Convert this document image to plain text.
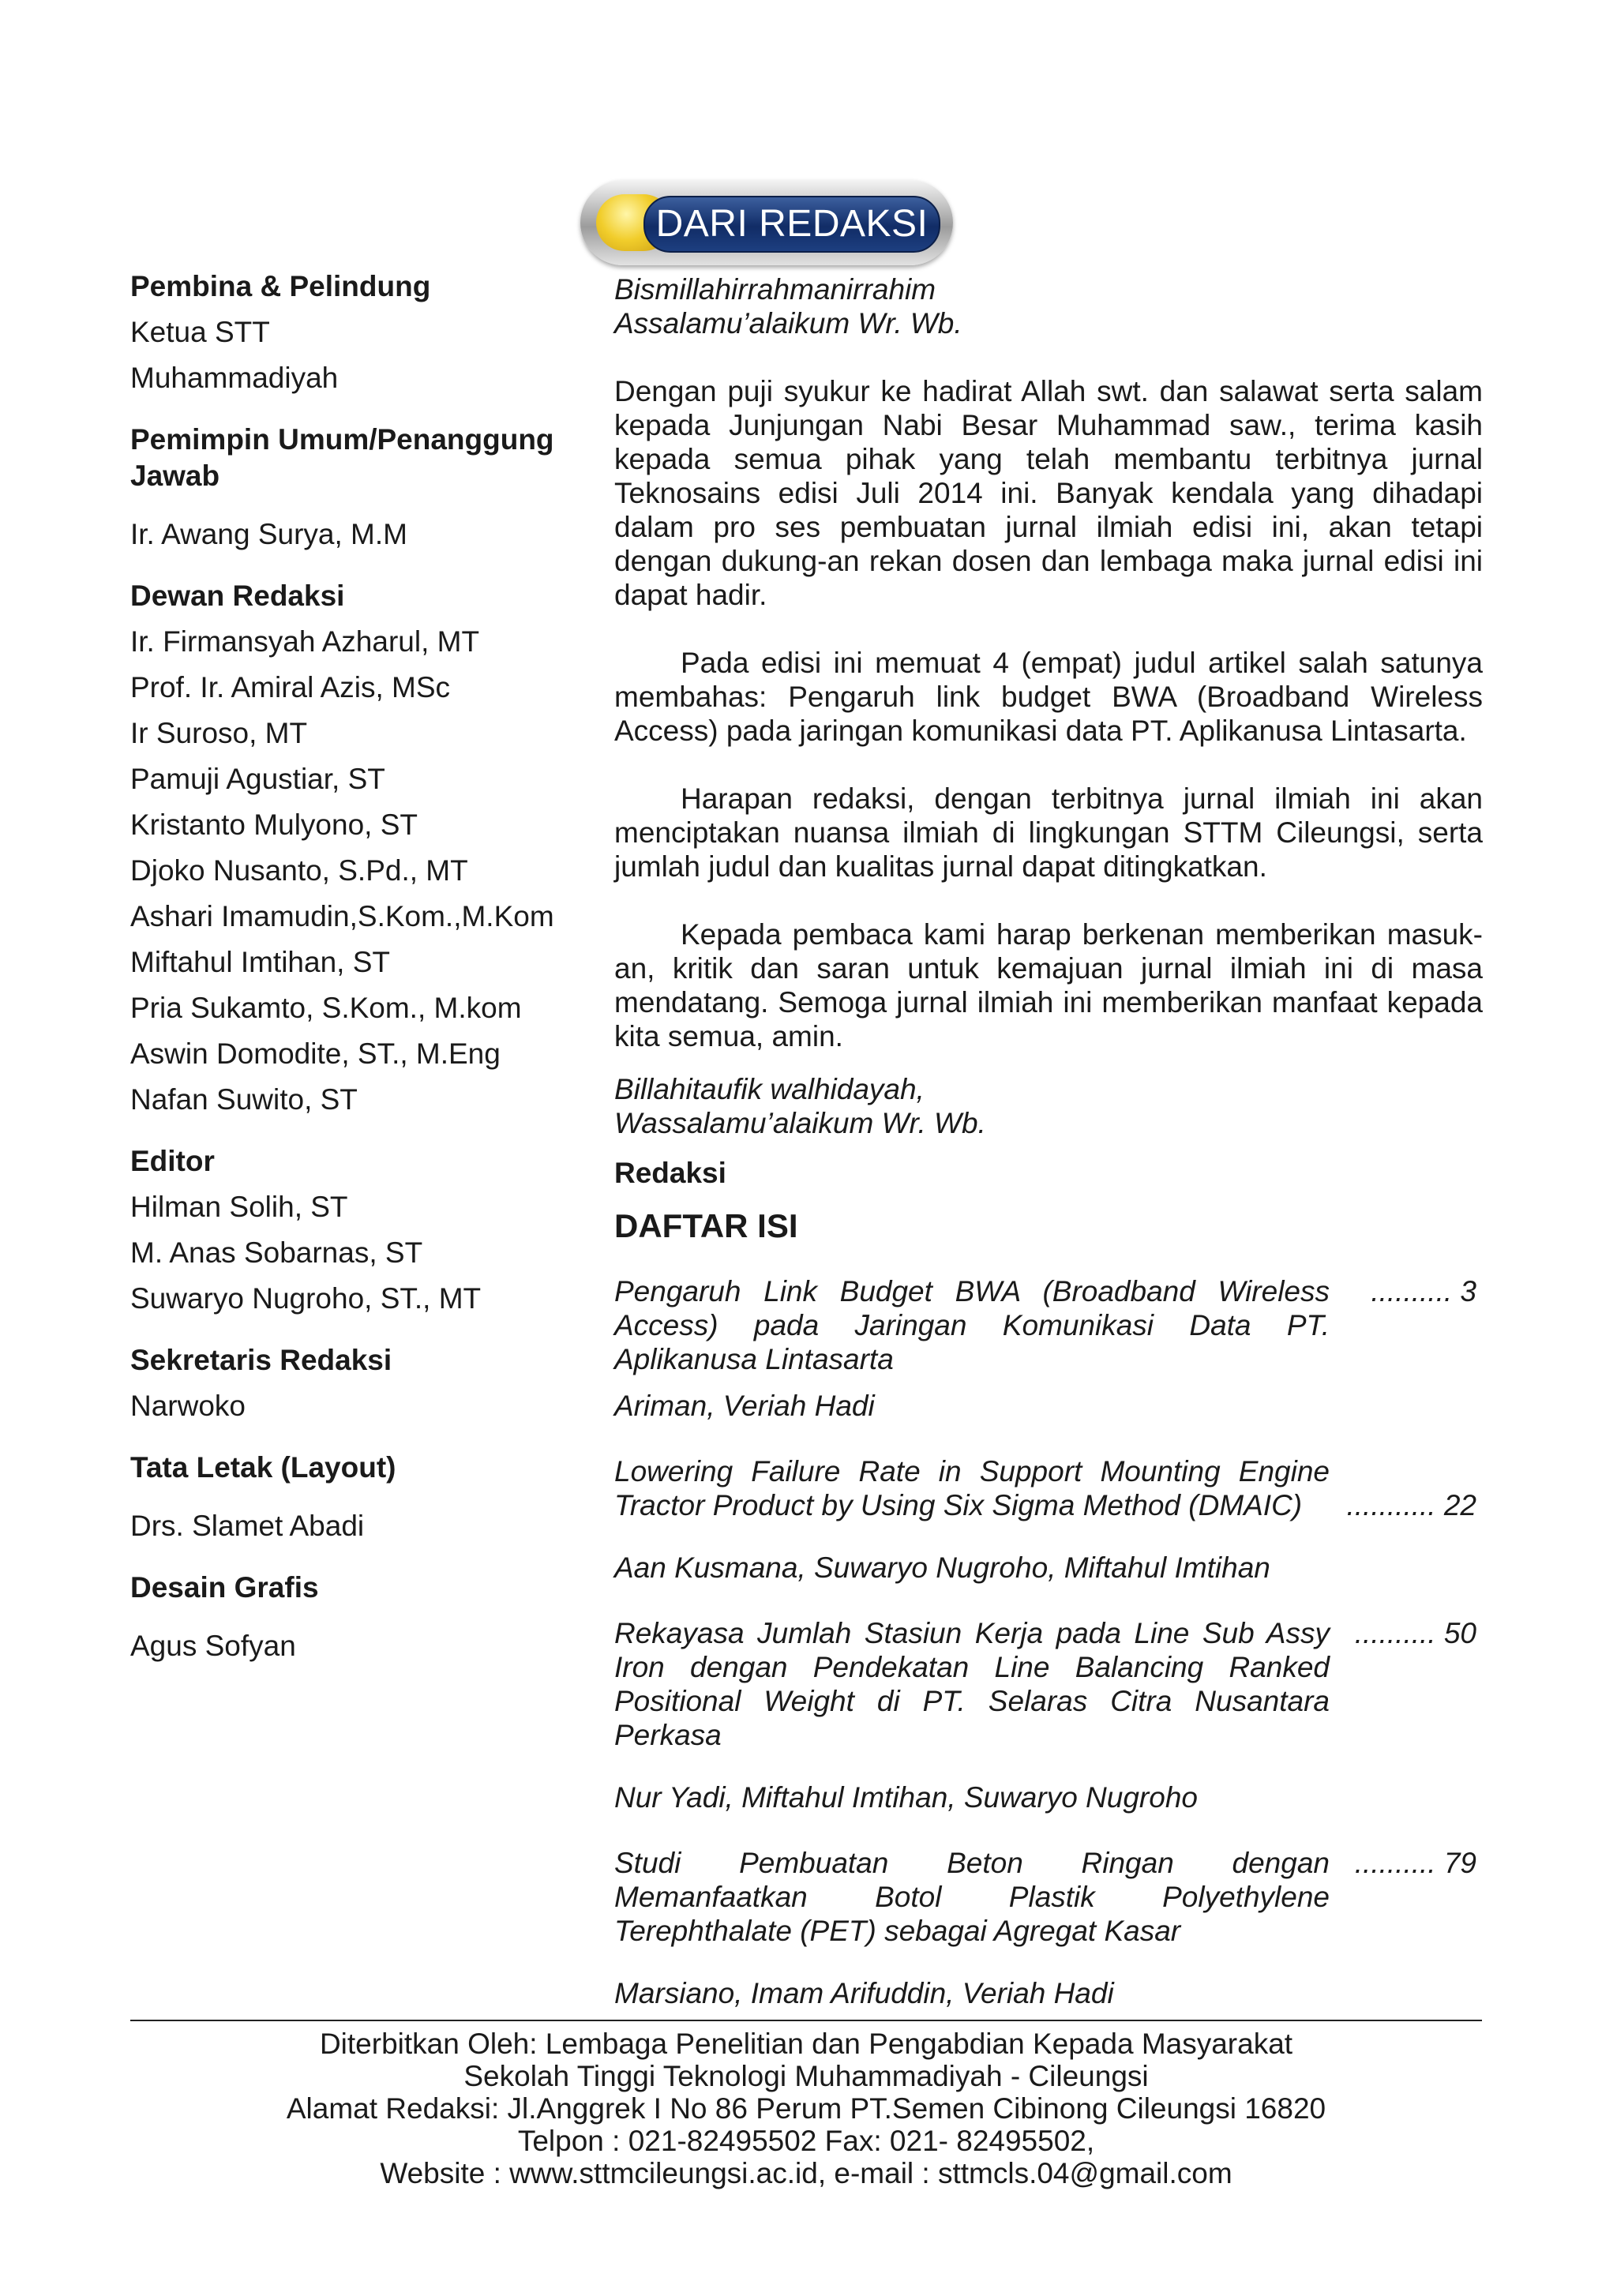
DARI REDAKSI
Pembina & Pelindung
Ketua STT
Muhammadiyah
Pemimpin Umum/Penanggung Jawab
Ir. Awang Surya, M.M
Dewan Redaksi
Ir. Firmansyah Azharul, MT
Prof. Ir. Amiral Azis, MSc
Ir Suroso, MT
Pamuji Agustiar, ST
Kristanto Mulyono, ST
Djoko Nusanto, S.Pd., MT
Ashari Imamudin,S.Kom.,M.Kom
Miftahul Imtihan, ST
Pria Sukamto, S.Kom., M.kom
Aswin Domodite, ST., M.Eng
Nafan Suwito, ST
Editor
Hilman Solih, ST
M. Anas Sobarnas, ST
Suwaryo Nugroho, ST., MT
Sekretaris Redaksi
Narwoko
Tata Letak (Layout)
Drs. Slamet Abadi
Desain Grafis
Agus Sofyan
Bismillahirrahmanirrahim
Assalamu’alaikum Wr. Wb.

Dengan puji syukur ke hadirat Allah swt. dan salawat serta salam kepada Junjungan Nabi Besar Muhammad saw., terima kasih kepada semua pihak yang telah membantu terbitnya jurnal Teknosains edisi Juli 2014 ini. Banyak kendala yang dihadapi dalam pro ses pembuatan jurnal ilmiah edisi ini, akan tetapi dengan dukung-an rekan dosen dan lembaga maka jurnal edisi ini dapat hadir.

Pada edisi ini memuat 4 (empat) judul artikel salah satunya membahas: Pengaruh link budget BWA (Broadband Wireless Access) pada jaringan komunikasi data PT. Aplikanusa Lintasarta.

Harapan redaksi, dengan terbitnya jurnal ilmiah ini akan menciptakan nuansa ilmiah di lingkungan STTM Cileungsi, serta jumlah judul dan kualitas jurnal dapat ditingkatkan.

Kepada pembaca kami harap berkenan memberikan masuk-an, kritik dan saran untuk kemajuan jurnal ilmiah ini di masa mendatang. Semoga jurnal ilmiah ini memberikan manfaat kepada kita semua, amin.

Billahitaufik walhidayah,
Wassalamu’alaikum Wr. Wb.
Redaksi
DAFTAR ISI
Pengaruh Link Budget BWA (Broadband Wireless Access) pada Jaringan Komunikasi Data PT. Aplikanusa Lintasarta
.......... 3
Ariman, Veriah Hadi
Lowering Failure Rate in Support Mounting Engine Tractor Product by Using Six Sigma Method (DMAIC)	........... 22
Aan Kusmana, Suwaryo Nugroho, Miftahul Imtihan
Rekayasa Jumlah Stasiun Kerja pada Line Sub Assy Iron dengan Pendekatan Line Balancing Ranked Positional Weight di PT. Selaras Citra Nusantara Perkasa
.......... 50
Nur Yadi, Miftahul Imtihan, Suwaryo Nugroho
Studi Pembuatan Beton Ringan dengan Memanfaatkan Botol Plastik Polyethylene Terephthalate (PET) sebagai Agregat Kasar
.......... 79
Marsiano, Imam Arifuddin, Veriah Hadi
Diterbitkan Oleh: Lembaga Penelitian dan Pengabdian Kepada Masyarakat
Sekolah Tinggi Teknologi Muhammadiyah - Cileungsi
Alamat Redaksi: Jl.Anggrek I No 86 Perum PT.Semen Cibinong Cileungsi 16820
Telpon : 021-82495502 Fax: 021- 82495502,
Website : www.sttmcileungsi.ac.id, e-mail : sttmcls.04@gmail.com
